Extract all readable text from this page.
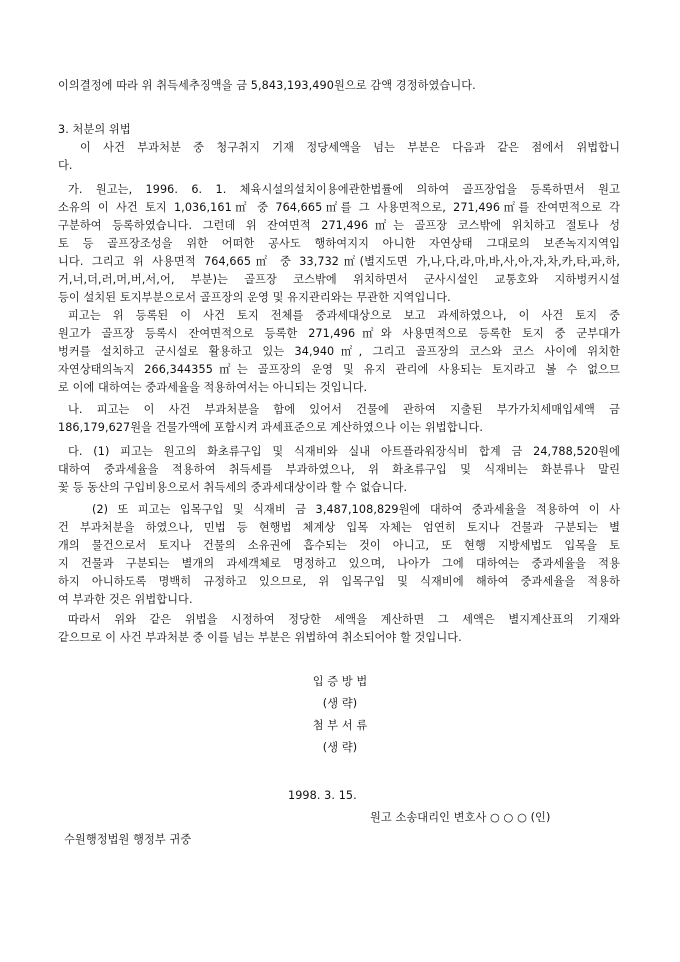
이의결정에 따라 위 취득세추징액을 금 5,843,193,490원으로 감액 경정하였습니다.
3. 처분의 위법
이 사건 부과처분 중 청구취지 기재 정당세액을 넘는 부분은 다음과 같은 점에서 위법합니
다.
가. 원고는, 1996. 6. 1. 체육시설의설치이용에관한법률에 의하여 골프장업을 등록하면서 원고
소유의 이 사건 토지 1,036,161㎡ 중 764,665㎡를 그 사용면적으로, 271,496㎡를 잔여면적으로 각
구분하여 등록하였습니다. 그런데 위 잔여면적 271,496㎡는 골프장 코스밖에 위치하고 절토나 성
토 등 골프장조성을 위한 어떠한 공사도 행하여지지 아니한 자연상태 그대로의 보존녹지지역입
니다. 그리고 위 사용면적 764,665㎡ 중 33,732㎡(별지도면 가,나,다,라,마,바,사,아,자,차,카,타,파,하,
거,너,더,러,머,버,서,어, 부분)는 골프장 코스밖에 위치하면서 군사시설인 교통호와 지하벙커시설
등이 설치된 토지부분으로서 골프장의 운영 및 유지관리와는 무관한 지역입니다.
피고는 위 등록된 이 사건 토지 전체를 중과세대상으로 보고 과세하였으나, 이 사건 토지 중
원고가 골프장 등록시 잔여면적으로 등록한 271,496㎡와 사용면적으로 등록한 토지 중 군부대가
벙커를 설치하고 군시설로 활용하고 있는 34,940㎡, 그리고 골프장의 코스와 코스 사이에 위치한
자연상태의녹지 266,344355㎡는 골프장의 운영 및 유지 관리에 사용되는 토지라고 볼 수 없으므
로 이에 대하여는 중과세율을 적용하여서는 아니되는 것입니다.
나. 피고는 이 사건 부과처분을 함에 있어서 건물에 관하여 지출된 부가가치세매입세액 금
186,179,627원을 건물가액에 포함시켜 과세표준으로 계산하였으나 이는 위법합니다.
다. (1) 피고는 원고의 화초류구입 및 식재비와 실내 아트플라워장식비 합계 금 24,788,520원에
대하여 중과세율을 적용하여 취득세를 부과하였으나, 위 화초류구입 및 식재비는 화분류나 말린
꽃 등 동산의 구입비용으로서 취득세의 중과세대상이라 할 수 없습니다.
(2) 또 피고는 입목구입 및 식재비 금 3,487,108,829원에 대하여 중과세율을 적용하여 이 사
건 부과처분을 하였으나, 민법 등 현행법 체계상 입목 자체는 엄연히 토지나 건물과 구분되는 별
개의 물건으로서 토지나 건물의 소유권에 흡수되는 것이 아니고, 또 현행 지방세법도 입목을 토
지 건물과 구분되는 별개의 과세객체로 명정하고 있으며, 나아가 그에 대하여는 중과세율을 적용
하지 아니하도록 명백히 규정하고 있으므로, 위 입목구입 및 식재비에 해하여 중과세율을 적용하
여 부과한 것은 위법합니다.
따라서 위와 같은 위법을 시정하여 정당한 세액을 계산하면 그 세액은 별지계산표의 기재와
같으므로 이 사건 부과처분 중 이를 넘는 부분은 위법하여 취소되어야 할 것입니다.
입 증 방 법
(생 략)
첨 부 서 류
(생 략)
1998. 3. 15.
원고 소송대리인 변호사 ○ ○ ○ (인)
수원행정법원 행정부 귀중
